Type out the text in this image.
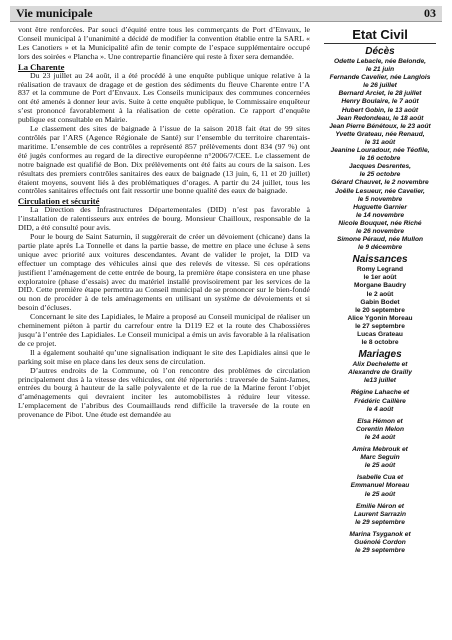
Vie municipale	03

vont être renforcées. Par souci d’équité entre tous les commerçants de Port d’Envaux, le Conseil municipal à l’unanimité a décidé de modifier la convention établie entre la SARL « Les Canotiers » et la Municipalité afin de tenir compte de l’espace supplémentaire occupé lors des soirées « Plancha ». Une contrepartie financière qui reste à fixer sera demandée.

La Charente

Du 23 juillet au 24 août, il a été procédé à une enquête publique unique relative à la réalisation de travaux de dragage et de gestion des sédiments du fleuve Charente entre l’A 837 et la commune de Port d’Envaux. Les Conseils municipaux des communes concernées ont été amenés à donner leur avis. Suite à cette enquête publique, le Commissaire enquêteur s’est prononcé favorablement à la réalisation de cette opération. Ce rapport d’enquête publique est consultable en Mairie.

Le classement des sites de baignade à l’issue de la saison 2018 fait état de 99 sites contrôlés par l’ARS (Agence Régionale de Santé) sur l’ensemble du territoire charentais-maritime. L’ensemble de ces contrôles a représenté 857 prélèvements dont 834 (97 %) ont été jugés conformes au regard de la directive européenne n°2006/7/CEE. Le classement de notre baignade est qualifié de Bon. Dix prélèvements ont été faits au cours de la saison. Les résultats des premiers contrôles sanitaires des eaux de baignade (13 juin, 6, 11 et 20 juillet) étaient moyens, souvent liés à des problématiques d’orages. A partir du 24 juillet, tous les contrôles sanitaires effectués ont fait ressortir une bonne qualité des eaux de baignade.

Circulation et sécurité

La Direction des Infrastructures Départementales (DID) n’est pas favorable à l’installation de ralentisseurs aux entrées de bourg. Monsieur Chailloux, responsable de la DID, a été consulté pour avis.

Pour le bourg de Saint Saturnin, il suggèrerait de créer un dévoiement (chicane) dans la partie plate après La Tonnelle et dans la partie basse, de mettre en place une écluse à sens unique avec priorité aux voitures descendantes. Avant de valider le projet, la DID va effectuer un comptage des véhicules ainsi que des relevés de vitesse. Si ces opérations justifient l’aménagement de cette entrée de bourg, la première étape consistera en une phase exploratoire (phase d’essais) avec du matériel installé provisoirement par les services de la DID. Cette première étape permettra au Conseil municipal de se prononcer sur le bien-fondé ou non de procéder à de tels aménagements en utilisant un système de dévoiements et si besoin d’écluses.

Concernant le site des Lapidiales, le Maire a proposé au Conseil municipal de réaliser un cheminement piéton à partir du carrefour entre la D119 E2 et la route des Chabossières jusqu’à l’entrée des Lapidiales. Le Conseil municipal a émis un avis favorable à la réalisation de ce projet.

Il a également souhaité qu’une signalisation indiquant le site des Lapidiales ainsi que le parking soit mise en place dans les deux sens de circulation.

D’autres endroits de la Commune, où l’on rencontre des problèmes de circulation principalement dus à la vitesse des véhicules, ont été répertoriés : traversée de Saint-James, entrées du bourg à hauteur de la salle polyvalente et de la rue de la Marine feront l’objet d’aménagements qui devraient inciter les automobilistes à réduire leur vitesse. L’emplacement de l’abribus des Coumaillauds rend difficile la traversée de la route en provenance de Pibot. Une étude est demandée au

Etat Civil
Décès
Odette Lebacle, née Belonde,
le 21 juin
Fernande Cavelier, née Langlois
le 26 juillet
Bernard Arciet, le 28 juillet
Henry Boulaire, le 7 août
Hubert Gobin, le 13 août
Jean Redondeau, le 18 août
Jean Pierre Bénétoux, le 23 août
Yvette Grateau, née Renaud,
le 31 août
Jeanine Louradour, née Téofile,
le 16 octobre
Jacques Desrentes,
le 25 octobre
Gérard Chauvet, le 2 novembre
Joëlle Lesueur, née Cavelier,
le 5 novembre
Huguette Garnier
le 14 novembre
Nicole Bouquet, née Riché
le 26 novembre
Simone Péraud, née Mullon
le 9 décembre
Naissances
Romy Legrand
le 1er août
Morgane Baudry
le 2 août
Gabin Bodet
le 20 septembre
Alice Ygonin Moreau
le 27 septembre
Lucas Grateau
le 8 octobre
Mariages
Alix Dechelette et
Alexandre de Grailly
le13 juillet
Régine Lahache et
Frédéric Caillère
le 4 août
Elsa Hémon et
Corentin Melon
le 24 août
Amira Mebrouk et
Marc Seguin
le 25 août
Isabelle Cua et
Emmanuel Moreau
le 25 août
Emilie Néron et
Laurent Sarrazin
le 29 septembre
Marina Tsyganok et
Guénolé Cordon
le 29 septembre
